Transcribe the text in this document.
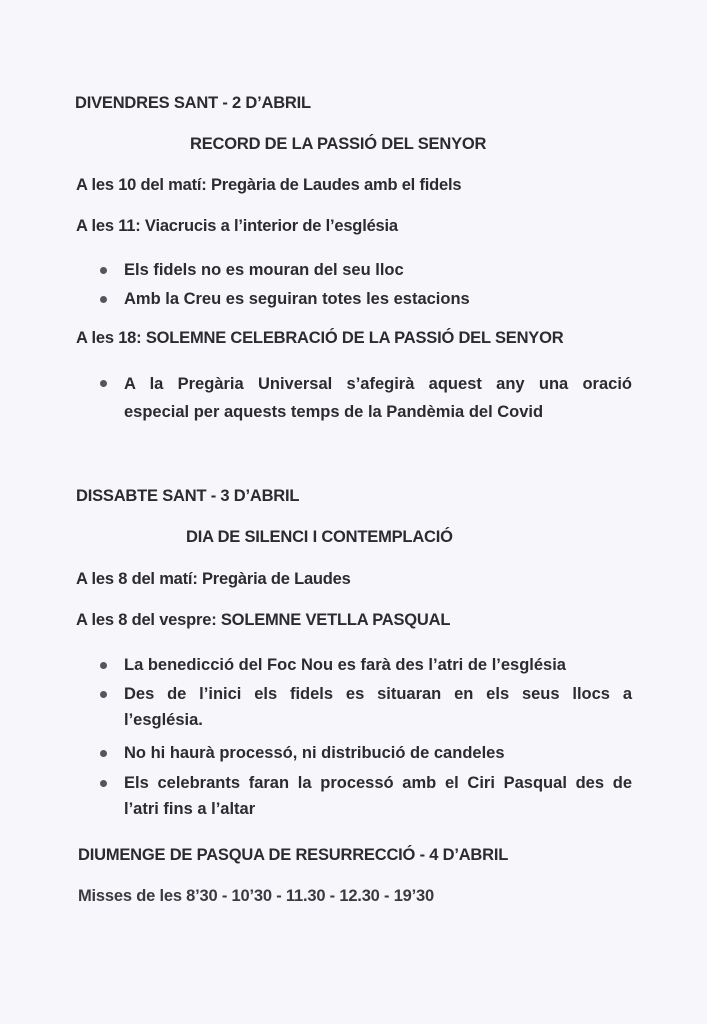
DIVENDRES SANT - 2 D’ABRIL
RECORD DE LA PASSIÓ DEL SENYOR
A les 10 del matí: Pregària de Laudes amb el fidels
A les 11: Viacrucis a l’interior de l’església
Els fidels no es mouran del seu lloc
Amb la Creu es seguiran totes les estacions
A les 18: SOLEMNE CELEBRACIÓ DE LA PASSIÓ DEL SENYOR
A la Pregària Universal s’afegirà aquest any una oració
especial per aquests temps de la Pandèmia del Covid
DISSABTE SANT - 3 D’ABRIL
DIA DE SILENCI I CONTEMPLACIÓ
A les 8 del matí: Pregària de Laudes
A les 8 del vespre: SOLEMNE VETLLA PASQUAL
La benedicció del Foc Nou es farà des l’atri de l’església
Des de l’inici els fidels es situaran en els seus llocs a
l’església.
No hi haurà processó, ni distribució de candeles
Els celebrants faran la processó amb el Ciri Pasqual des de
l’atri fins a l’altar
DIUMENGE DE PASQUA DE RESURRECCIÓ - 4 D’ABRIL
Misses de les 8’30 - 10’30 - 11.30 - 12.30 - 19’30
